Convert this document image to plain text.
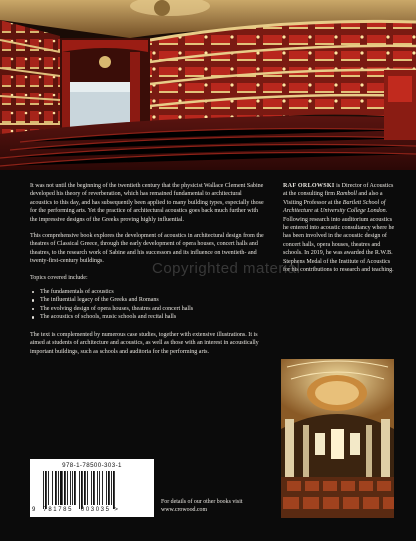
It was not until the beginning of the twentieth century that the physicist Wallace Clement Sabine developed his theory of reverberation, which has remained fundamental to architectural acoustics to this day, and has subsequently been applied to many building types, especially those for the performing arts. Yet the practice of architectural acoustics goes back much further with the impressive designs of the Greeks proving highly influential.

This comprehensive book explores the development of acoustics in architectural design from the theatres of Classical Greece, through the early development of opera houses, concert halls and theatres, to the research work of Sabine and his successors and its influence on twentieth- and twenty-first-century buildings.

Topics covered include:

The fundamentals of acoustics
The influential legacy of the Greeks and Romans
The evolving design of opera houses, theatres and concert halls
The acoustics of schools, music schools and recital halls

The text is complemented by numerous case studies, together with extensive illustrations. It is aimed at students of architecture and acoustics, as well as those with an interest in acoustically important buildings, such as schools and auditoria for the performing arts.

RAF ORLOWSKI is Director of Acoustics at the consulting firm Ramboll and also a Visiting Professor at the Bartlett School of Architecture at University College London. Following research into auditorium acoustics he entered into acoustic consultancy where he has been involved in the acoustic design of concert halls, opera houses, theatres and schools. In 2019, he was awarded the R.W.B. Stephens Medal of the Institute of Acoustics for his contributions to research and teaching.
Copyrighted material
978-1-78500-303-1
9 781785 003035 >
For details of our other books visit
www.crowood.com
